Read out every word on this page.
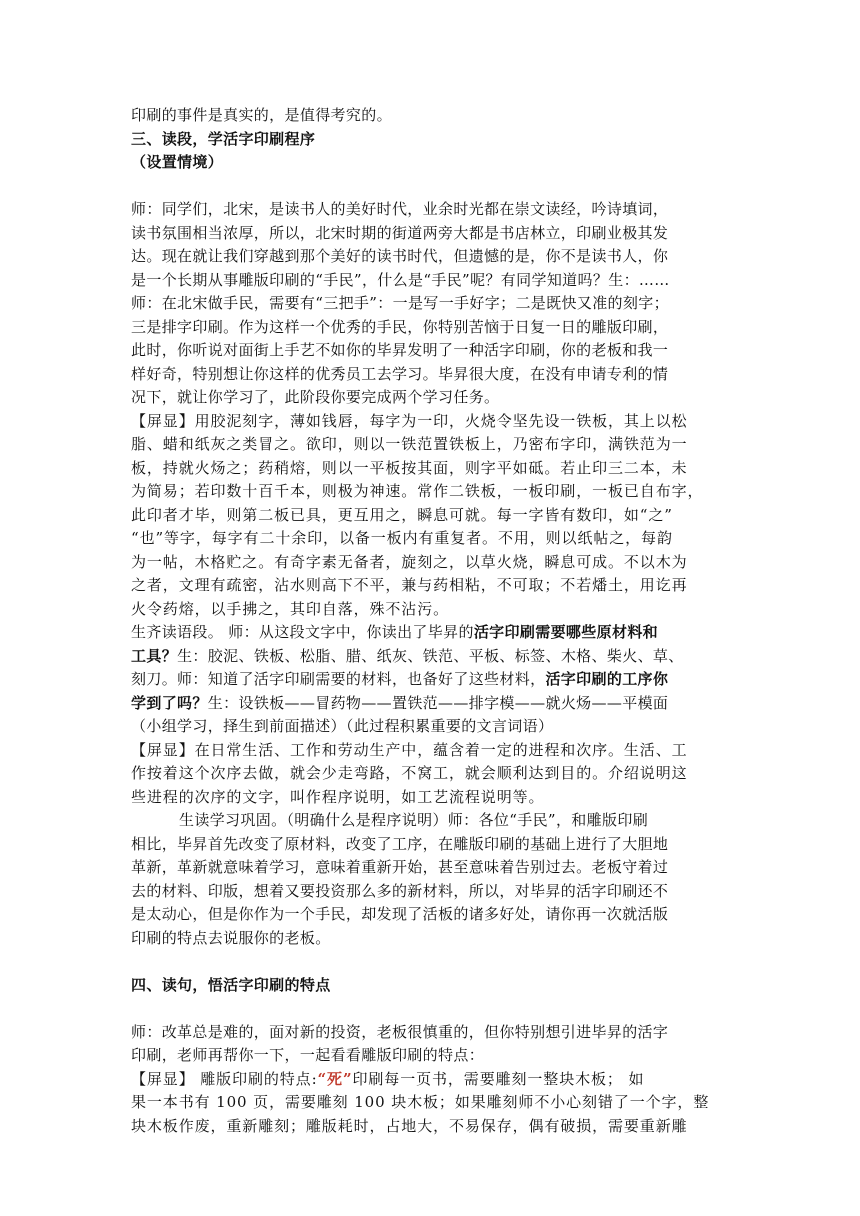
印刷的事件是真实的，是值得考究的。
三、读段，学活字印刷程序
（设置情境）
师：同学们，北宋，是读书人的美好时代，业余时光都在崇文读经，吟诗填词，
读书氛围相当浓厚，所以，北宋时期的街道两旁大都是书店林立，印刷业极其发
达。现在就让我们穿越到那个美好的读书时代，但遗憾的是，你不是读书人，你
是一个长期从事雕版印刷的“手民”，什么是“手民”呢？有同学知道吗？生：……
师：在北宋做手民，需要有“三把手”：一是写一手好字；二是既快又准的刻字；
三是排字印刷。作为这样一个优秀的手民，你特别苦恼于日复一日的雕版印刷，
此时，你听说对面街上手艺不如你的毕昇发明了一种活字印刷，你的老板和我一
样好奇，特别想让你这样的优秀员工去学习。毕昇很大度，在没有申请专利的情
况下，就让你学习了，此阶段你要完成两个学习任务。
【屏显】用胶泥刻字，薄如钱唇，每字为一印，火烧令坚先设一铁板，其上以松
脂、蜡和纸灰之类冒之。欲印，则以一铁范置铁板上，乃密布字印，满铁范为一
板，持就火炀之；药稍熔，则以一平板按其面，则字平如砥。若止印三二本，未
为简易；若印数十百千本，则极为神速。常作二铁板，一板印刷，一板已自布字，
此印者才毕，则第二板已具，更互用之，瞬息可就。每一字皆有数印，如“之”
“也”等字，每字有二十余印，以备一板内有重复者。不用，则以纸帖之，每韵
为一帖，木格贮之。有奇字素无备者，旋刻之，以草火烧，瞬息可成。不以木为
之者，文理有疏密，沾水则高下不平，兼与药相粘，不可取；不若燔土，用讫再
火令药熔，以手拂之，其印自落，殊不沾污。
生齐读语段。 师：从这段文字中，你读出了毕昇的活字印刷需要哪些原材料和
工具？生：胶泥、铁板、松脂、腊、纸灰、铁范、平板、标签、木格、柴火、草、
刻刀。师：知道了活字印刷需要的材料，也备好了这些材料，活字印刷的工序你
学到了吗？生：设铁板——冒药物——置铁范——排字模——就火炀——平模面
（小组学习，择生到前面描述）（此过程积累重要的文言词语）
【屏显】在日常生活、工作和劳动生产中，蕴含着一定的进程和次序。生活、工
作按着这个次序去做，就会少走弯路，不窝工，就会顺利达到目的。介绍说明这
些进程的次序的文字，叫作程序说明，如工艺流程说明等。
生读学习巩固。（明确什么是程序说明）师：各位“手民”，和雕版印刷
相比，毕昇首先改变了原材料，改变了工序，在雕版印刷的基础上进行了大胆地
革新，革新就意味着学习，意味着重新开始，甚至意味着告别过去。老板守着过
去的材料、印版，想着又要投资那么多的新材料，所以，对毕昇的活字印刷还不
是太动心，但是你作为一个手民，却发现了活板的诸多好处，请你再一次就活版
印刷的特点去说服你的老板。
四、读句，悟活字印刷的特点
师：改革总是难的，面对新的投资，老板很慎重的，但你特别想引进毕昇的活字
印刷，老师再帮你一下，一起看看雕版印刷的特点：
【屏显】 雕版印刷的特点:“死”印刷每一页书，需要雕刻一整块木板； 如
果一本书有 100 页，需要雕刻 100 块木板；如果雕刻师不小心刻错了一个字，整
块木板作废，重新雕刻；雕版耗时，占地大，不易保存，偶有破损，需要重新雕
